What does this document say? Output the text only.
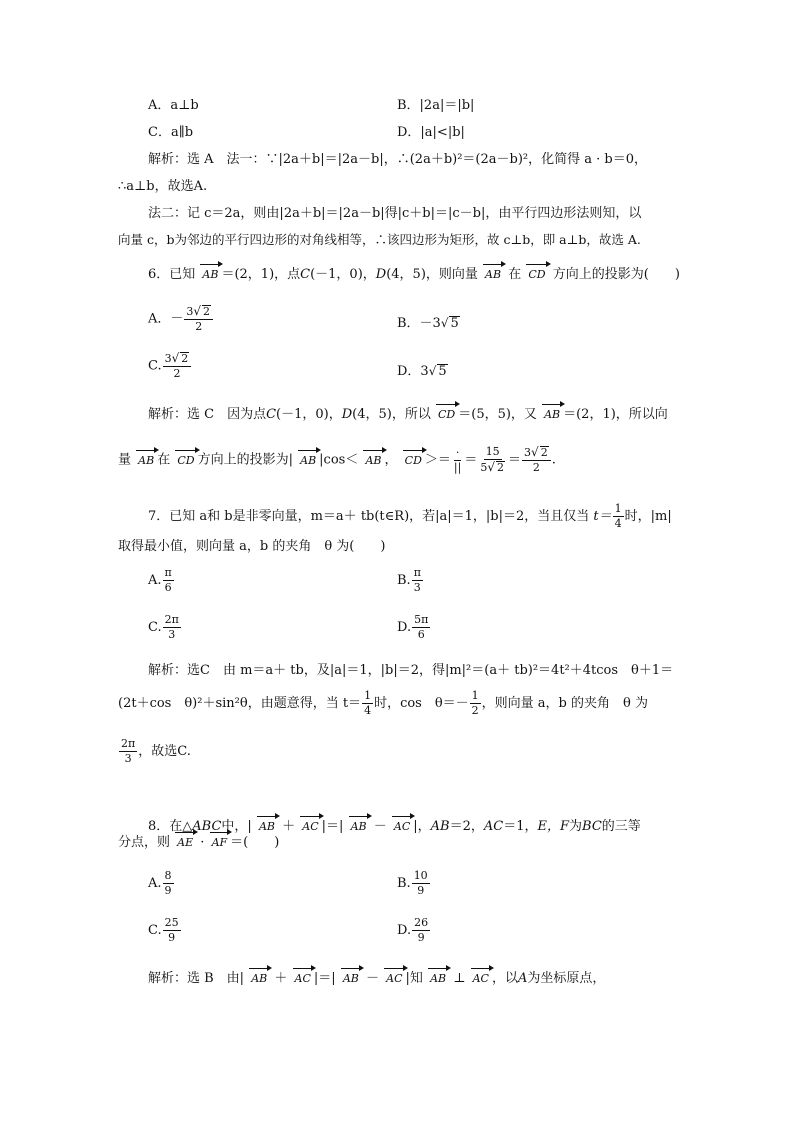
A．a⊥b	B．|2a|＝|b|
C．a∥b	D．|a|<|b|
解析：选 A　法一：∵|2a＋b|＝|2a－b|，∴(2a＋b)²＝(2a－b)²，化简得 a · b＝0，
∴a⊥b，故选A.
法二：记 c＝2a，则由|2a＋b|＝|2a－b|得|c＋b|＝|c－b|，由平行四边形法则知，以
向量 c，b为邻边的平行四边形的对角线相等，∴该四边形为矩形，故 c⊥b，即 a⊥b，故选 A.
6．已知 AB ＝(2，1)，点C(－1，0)，D(4，5)，则向量 AB 在 CD 方向上的投影为(　　)
A．－ $\frac{3√ 2}{2}$	B．－3√ 5
C. $\frac{3√ 2}{2}$	D．3√ 5
解析：选 C　因为点C(－1，0)，D(4，5)，所以 CD ＝(5，5)，又 AB ＝(2，1)，所以向
量 AB 在 CD 方向上的投影为| AB |cos＜ AB ， CD ＞＝ $\frac{\cdot}{||} = \frac{15}{5√ 2} = \frac{3√ 2}{2}$ .
7．已知 a和 b是非零向量，m＝a＋ tb(t∈R)，若|a|＝1，|b|＝2，当且仅当 $t= \frac{1}{4}$ 时，|m|
取得最小值，则向量 a，b 的夹角　θ 为(　　)
A. $\frac{\pi}{6}$	B. $\frac{\pi}{3}$
C. $\frac{2\pi}{3}$	D. $\frac{5\pi}{6}$
解析：选C　由 m＝a＋ tb，及|a|＝1，|b|＝2，得|m|²＝(a＋ tb)²＝4t²＋4tcos　θ＋1＝
(2t＋cos　θ)²＋sin²θ，由题意得，当 $t= \frac{1}{4}$ 时，cos　$\theta=- \frac{1}{2}$ ，则向量 a，b 的夹角　θ 为
$\frac{2\pi}{3}$ ，故选C.
8．在△ABC中，| AB ＋ AC |＝| AB － AC |，AB＝2，AC＝1，E，F为BC的三等
分点，则 AE · AF ＝(　　)
A. $\frac{8}{9}$	B. $\frac{10}{9}$
C. $\frac{25}{9}$	D. $\frac{26}{9}$
解析：选 B　由| AB ＋ AC |＝| AB － AC |知 AB ⊥ AC ，以A为坐标原点，
